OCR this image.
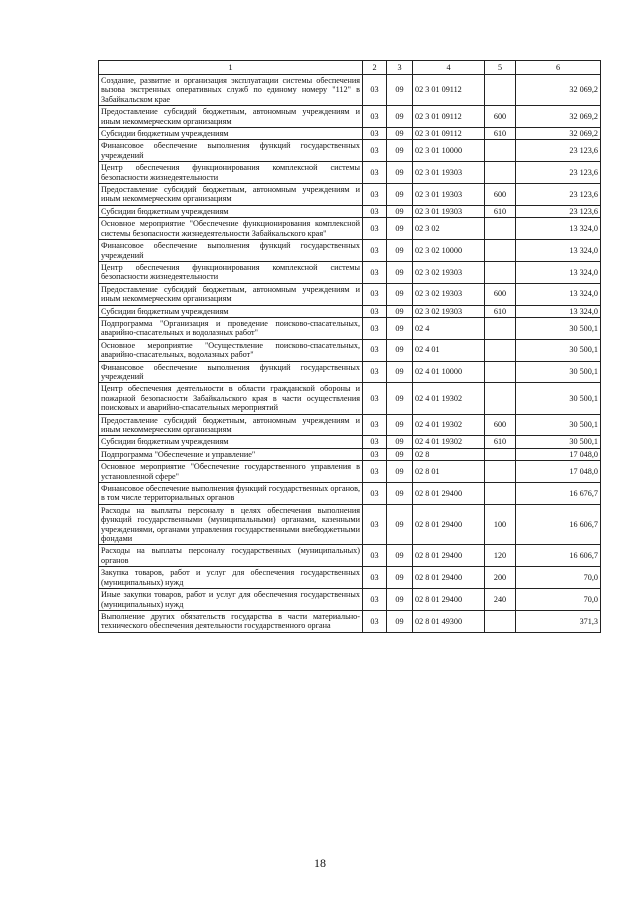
1	2	3	4	5	6
Создание, развитие и организация эксплуатации системы обеспечения вызова экстренных оперативных служб по единому номеру "112" в Забайкальском крае	03	09	02 3 01 09112		32 069,2
Предоставление субсидий бюджетным, автономным учреждениям и иным некоммерческим организациям	03	09	02 3 01 09112	600	32 069,2
Субсидии бюджетным учреждениям	03	09	02 3 01 09112	610	32 069,2
Финансовое обеспечение выполнения функций государственных учреждений	03	09	02 3 01 10000		23 123,6
Центр обеспечения функционирования комплексной системы безопасности жизнедеятельности	03	09	02 3 01 19303		23 123,6
Предоставление субсидий бюджетным, автономным учреждениям и иным некоммерческим организациям	03	09	02 3 01 19303	600	23 123,6
Субсидии бюджетным учреждениям	03	09	02 3 01 19303	610	23 123,6
Основное мероприятие "Обеспечение функционирования комплексной системы безопасности жизнедеятельности Забайкальского края"	03	09	02 3 02		13 324,0
Финансовое обеспечение выполнения функций государственных учреждений	03	09	02 3 02 10000		13 324,0
Центр обеспечения функционирования комплексной системы безопасности жизнедеятельности	03	09	02 3 02 19303		13 324,0
Предоставление субсидий бюджетным, автономным учреждениям и иным некоммерческим организациям	03	09	02 3 02 19303	600	13 324,0
Субсидии бюджетным учреждениям	03	09	02 3 02 19303	610	13 324,0
Подпрограмма "Организация и проведение поисково-спасательных, аварийно-спасательных и водолазных работ"	03	09	02 4		30 500,1
Основное мероприятие "Осуществление поисково-спасательных, аварийно-спасательных, водолазных работ"	03	09	02 4 01		30 500,1
Финансовое обеспечение выполнения функций государственных учреждений	03	09	02 4 01 10000		30 500,1
Центр обеспечения деятельности в области гражданской обороны и пожарной безопасности Забайкальского края в части осуществления поисковых и аварийно-спасательных мероприятий	03	09	02 4 01 19302		30 500,1
Предоставление субсидий бюджетным, автономным учреждениям и иным некоммерческим организациям	03	09	02 4 01 19302	600	30 500,1
Субсидии бюджетным учреждениям	03	09	02 4 01 19302	610	30 500,1
Подпрограмма "Обеспечение и управление"	03	09	02 8		17 048,0
Основное мероприятие "Обеспечение государственного управления в установленной сфере"	03	09	02 8 01		17 048,0
Финансовое обеспечение выполнения функций государственных органов, в том числе территориальных органов	03	09	02 8 01 29400		16 676,7
Расходы на выплаты персоналу в целях обеспечения выполнения функций государственными (муниципальными) органами, казенными учреждениями, органами управления государственными внебюджетными фондами	03	09	02 8 01 29400	100	16 606,7
Расходы на выплаты персоналу государственных (муниципальных) органов	03	09	02 8 01 29400	120	16 606,7
Закупка товаров, работ и услуг для обеспечения государственных (муниципальных) нужд	03	09	02 8 01 29400	200	70,0
Иные закупки товаров, работ и услуг для обеспечения государственных (муниципальных) нужд	03	09	02 8 01 29400	240	70,0
Выполнение других обязательств государства в части материально-технического обеспечения деятельности государственного органа	03	09	02 8 01 49300		371,3
18
